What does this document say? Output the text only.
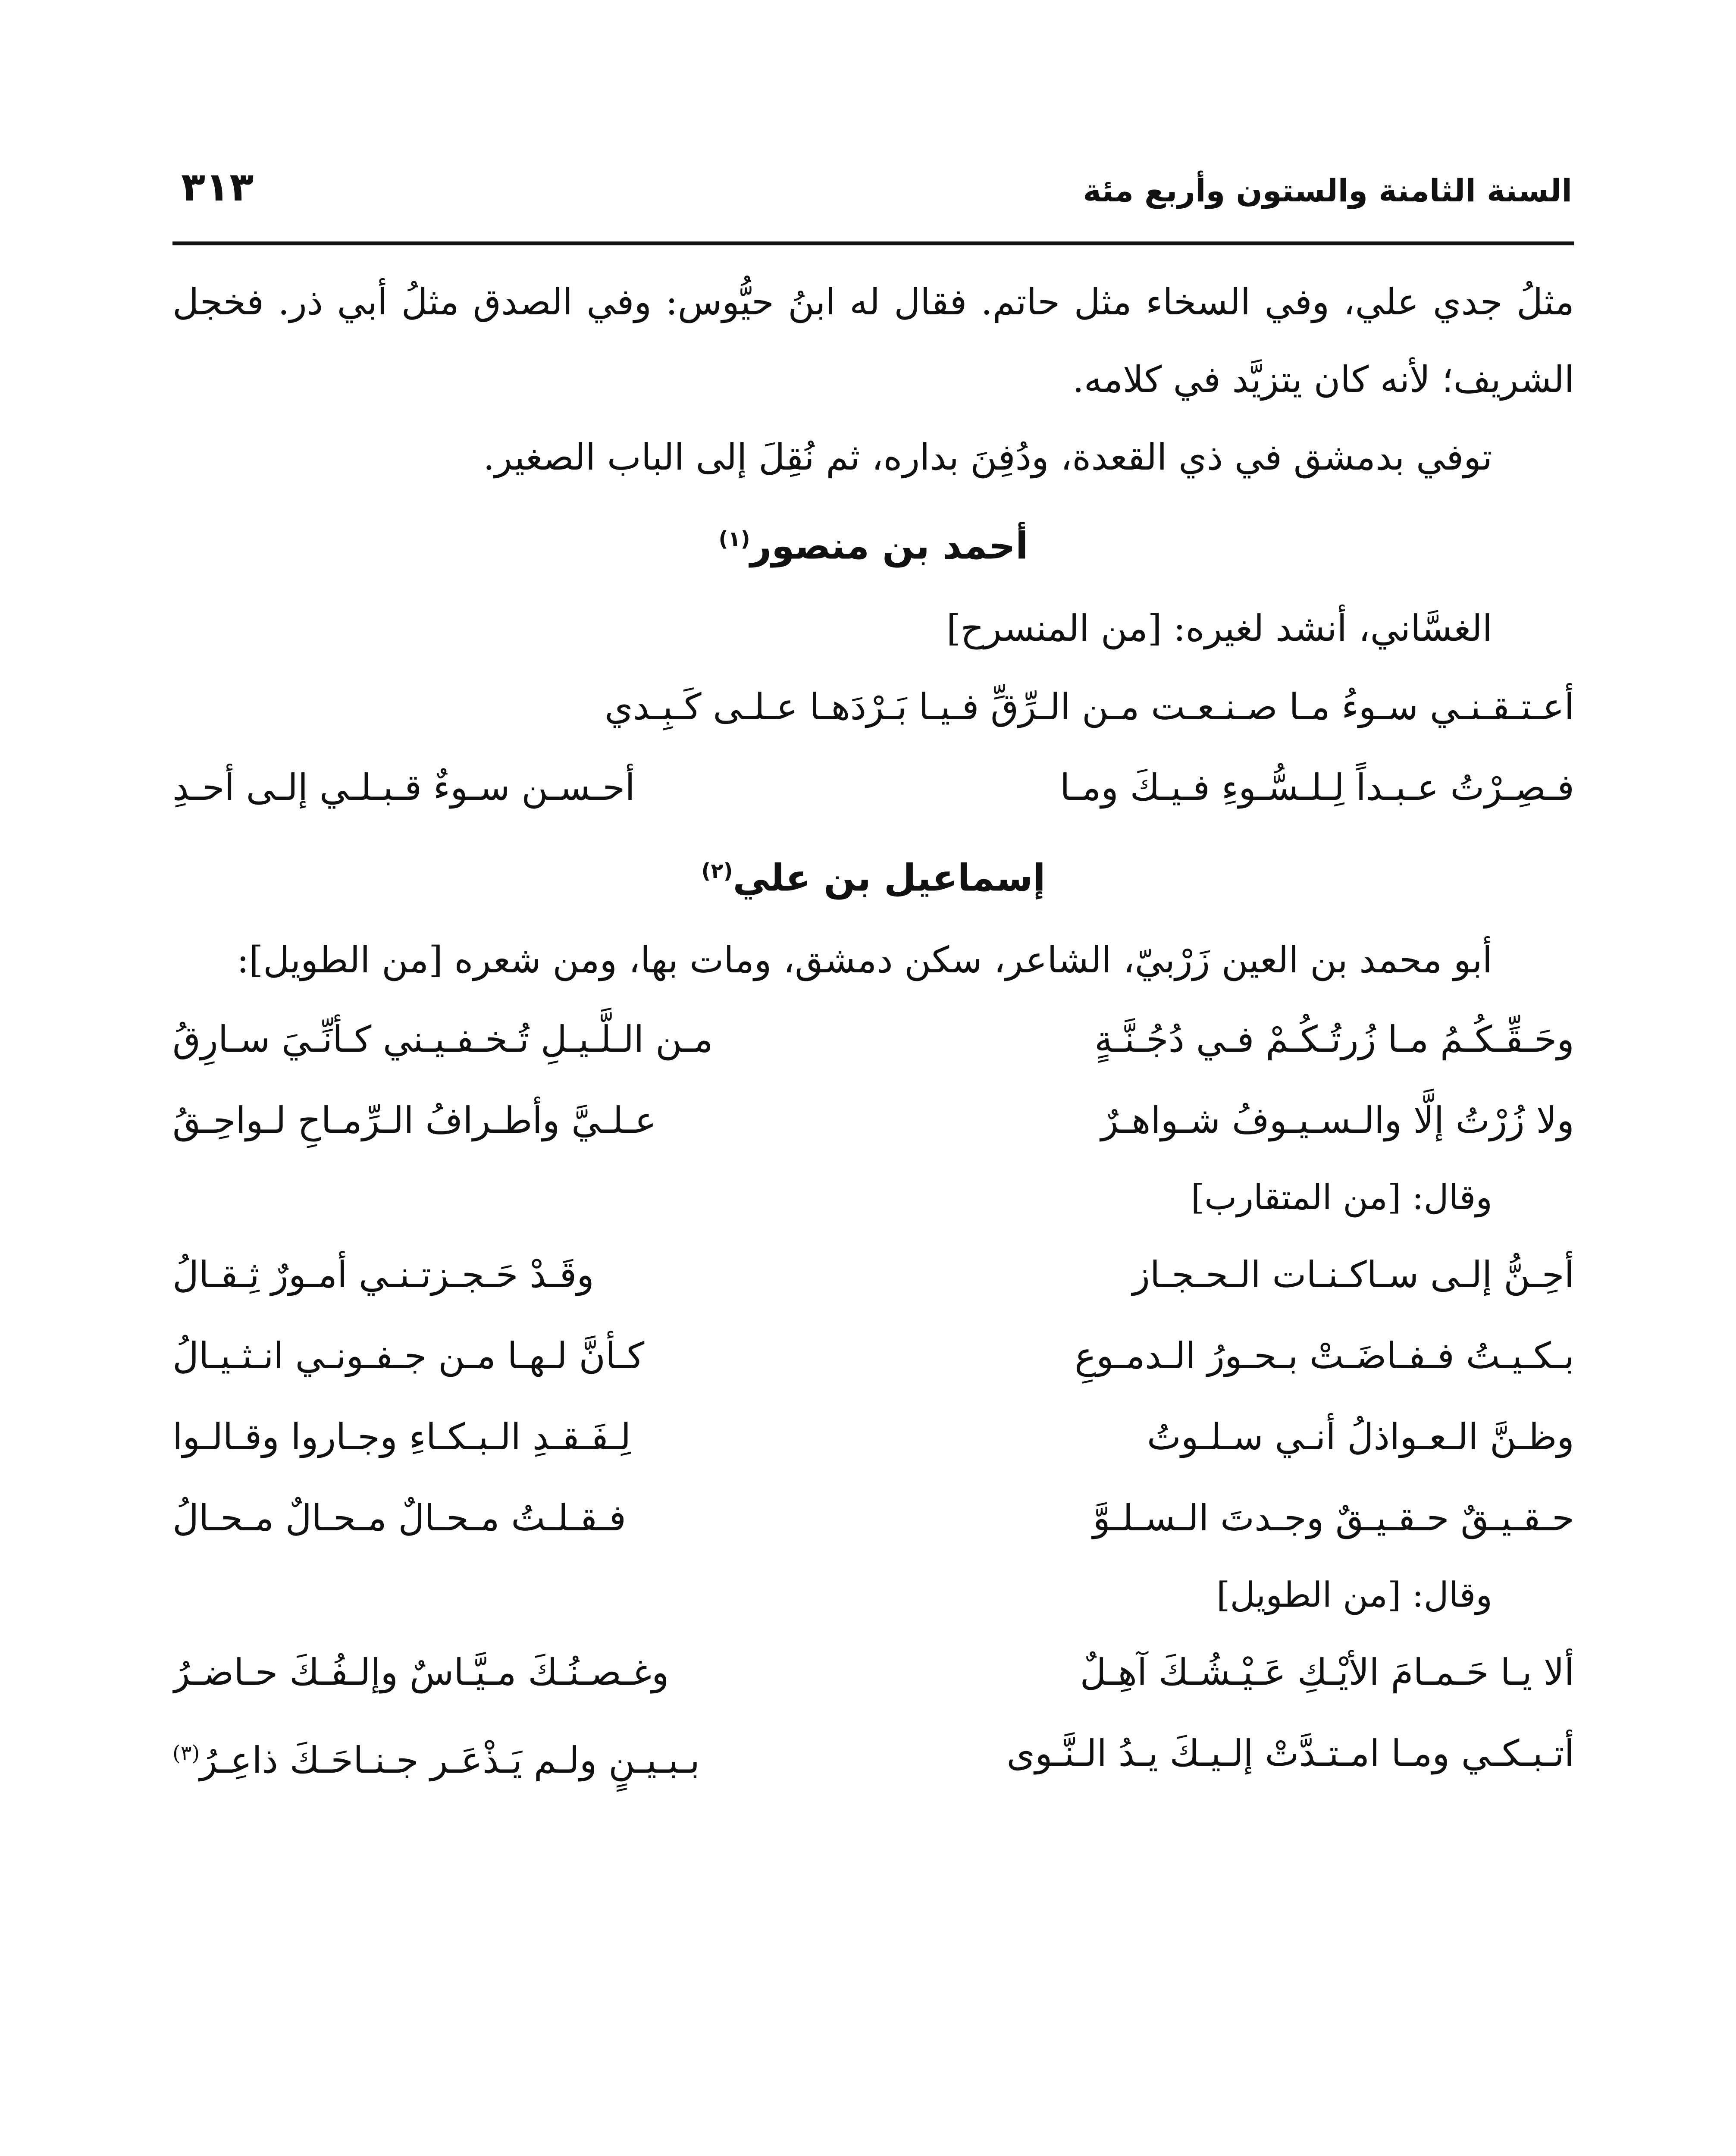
السنة الثامنة والستون وأربع مئة
٣١٣

مثلُ جدي علي، وفي السخاء مثل حاتم. فقال له ابنُ حيُّوس: وفي الصدق مثلُ أبي ذر. فخجل الشريف؛ لأنه كان يتزيَّد في كلامه.

توفي بدمشق في ذي القعدة، ودُفِنَ بداره، ثم نُقِلَ إلى الباب الصغير.

أحمد بن منصور$^{(١)}$

الغسَّاني، أنشد لغيره: [من المنسرح]

أعـتـقـنـي سـوءُ مـا صـنـعـت مـن الـرِّقِّ فـيـا بَـرْدَهـا عـلـى كَـبِـدي

فـصِـرْتُ عـبـداً لِـلـسُّـوءِ فـيـكَ ومـا
أحـسـن سـوءٌ قـبـلـي إلـى أحـدِ

إسماعيل بن علي$^{(٢)}$

أبو محمد بن العين زَرْبيّ، الشاعر، سكن دمشق، ومات بها، ومن شعره [من الطويل]:

وحَـقِّـكُـمُ مـا زُرتُـكُـمْ فـي دُجُـنَّـةٍ
مـن الـلَّـيـلِ تُـخـفـيـني كـأنِّـيَ سـارِقُ
ولا زُرْتُ إلَّا والـسـيـوفُ شـواهـرٌ
عـلـيَّ وأطـرافُ الـرِّمـاحِ لـواحِـقُ

وقال: [من المتقارب]

أحِـنُّ إلـى سـاكـنـات الـحـجـاز
وقَـدْ حَـجـزتـنـي أمـورٌ ثِـقـالُ
بـكـيـتُ فـفـاضَـتْ بـحـورُ الـدمـوعِ
كـأنَّ لـهـا مـن جـفـونـي انـثـيـالُ
وظـنَّ الـعـواذلُ أنـي سـلـوتُ
لِـفَـقـدِ الـبـكـاءِ وجـاروا وقـالـوا
حـقـيـقٌ حـقـيـقٌ وجـدتَ الـسـلـوَّ
فـقـلـتُ مـحـالٌ مـحـالٌ مـحـالُ

وقال: [من الطويل]

ألا يـا حَـمـامَ الأيْـكِ عَـيْـشُـكَ آهِـلٌ
وغـصـنُـكَ مـيَّـاسٌ وإلـفُـكَ حـاضـرُ
أتـبـكـي ومـا امـتـدَّتْ إلـيـكَ يـدُ الـنَّـوى
بـبـيـنٍ ولـم يَـذْعَـر جـنـاحَـكَ ذاعِـرُ$^{(٣)}$
